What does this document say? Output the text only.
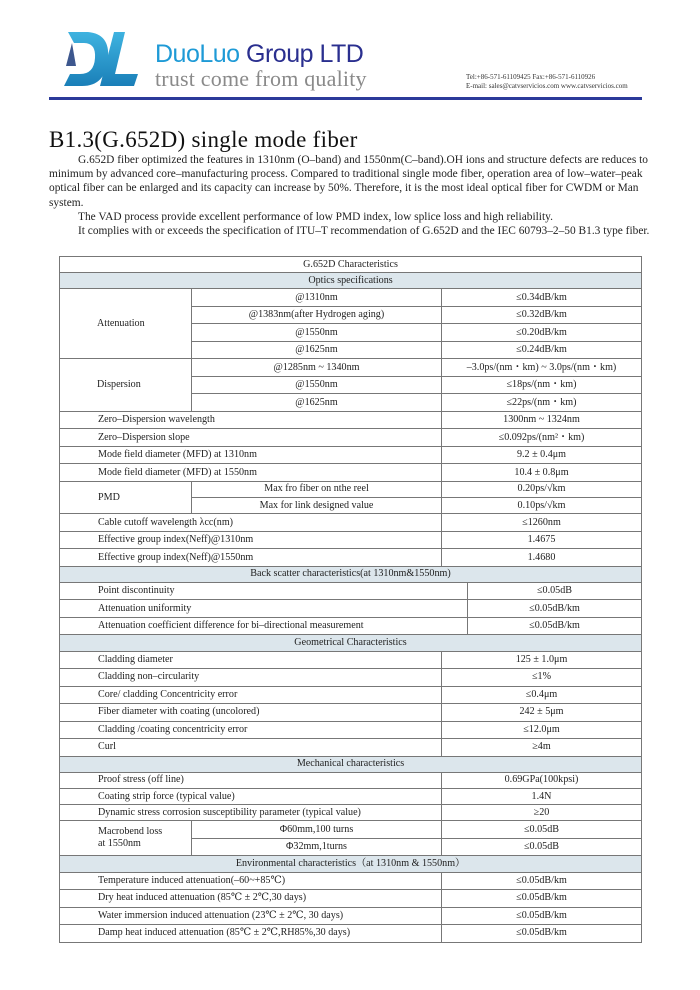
DuoLuo Group LTD
trust come from quality	Tel:+86-571-61109425 Fax:+86-571-6110926
E-mail: sales@catvservicios.com www.catvservicios.com
B1.3(G.652D) single mode fiber

G.652D fiber optimized the features in 1310nm (O–band) and 1550nm(C–band).OH ions and structure defects are reduces to minimum by advanced core–manufacturing process. Compared to traditional single mode fiber, operation area of low–water–peak optical fiber can be enlarged and its capacity can increase by 50%. Therefore, it is the most ideal optical fiber for CWDM or Man system.

The VAD process provide excellent performance of low PMD index, low splice loss and high reliability.

It complies with or exceeds the specification of ITU–T recommendation of G.652D and the IEC 60793–2–50 B1.3 type fiber.

G.652D Characteristics			
Optics specifications			
Attenuation	@1310nm	≤0.34dB/km	
	@1383nm(after Hydrogen aging)	≤0.32dB/km	
	@1550nm	≤0.20dB/km	
	@1625nm	≤0.24dB/km	
Dispersion	@1285nm ~ 1340nm	–3.0ps/(nm・km) ~ 3.0ps/(nm・km)	
	@1550nm	≤18ps/(nm・km)	
	@1625nm	≤22ps/(nm・km)	
Zero–Dispersion wavelength		1300nm ~ 1324nm	
Zero–Dispersion slope		≤0.092ps/(nm²・km)	
Mode field diameter (MFD) at 1310nm		9.2 ± 0.4μm	
Mode field diameter (MFD) at 1550nm		10.4 ± 0.8μm	
PMD	Max fro fiber on nthe reel	0.20ps/√km	
	Max for link designed value	0.10ps/√km	
Cable cutoff wavelength λcc(nm)		≤1260nm	
Effective group index(Neff)@1310nm		1.4675	
Effective group index(Neff)@1550nm		1.4680	
Back scatter characteristics(at 1310nm&1550nm)			
Point discontinuity			≤0.05dB
Attenuation uniformity			≤0.05dB/km
Attenuation coefficient difference for bi–directional measurement			≤0.05dB/km
Geometrical Characteristics			
Cladding diameter		125 ± 1.0μm	
Cladding non–circularity		≤1%	
Core/ cladding Concentricity error		≤0.4μm	
Fiber diameter with coating (uncolored)		242 ± 5μm	
Cladding /coating concentricity error		≤12.0μm	
Curl		≥4m	
Mechanical characteristics			
Proof stress (off line)		0.69GPa(100kpsi)	
Coating strip force (typical value)		1.4N	
Dynamic stress corrosion susceptibility parameter (typical value)		≥20	
Macrobend loss
at 1550nm	Φ60mm,100 turns	≤0.05dB	
	Φ32mm,1turns	≤0.05dB	
Environmental characteristics（at 1310nm & 1550nm）			
Temperature induced attenuation(–60~+85℃)		≤0.05dB/km	
Dry heat induced attenuation (85℃ ± 2℃,30 days)		≤0.05dB/km	
Water immersion induced attenuation (23℃ ± 2℃, 30 days)		≤0.05dB/km	
Damp heat induced attenuation (85℃ ± 2℃,RH85%,30 days)		≤0.05dB/km	
